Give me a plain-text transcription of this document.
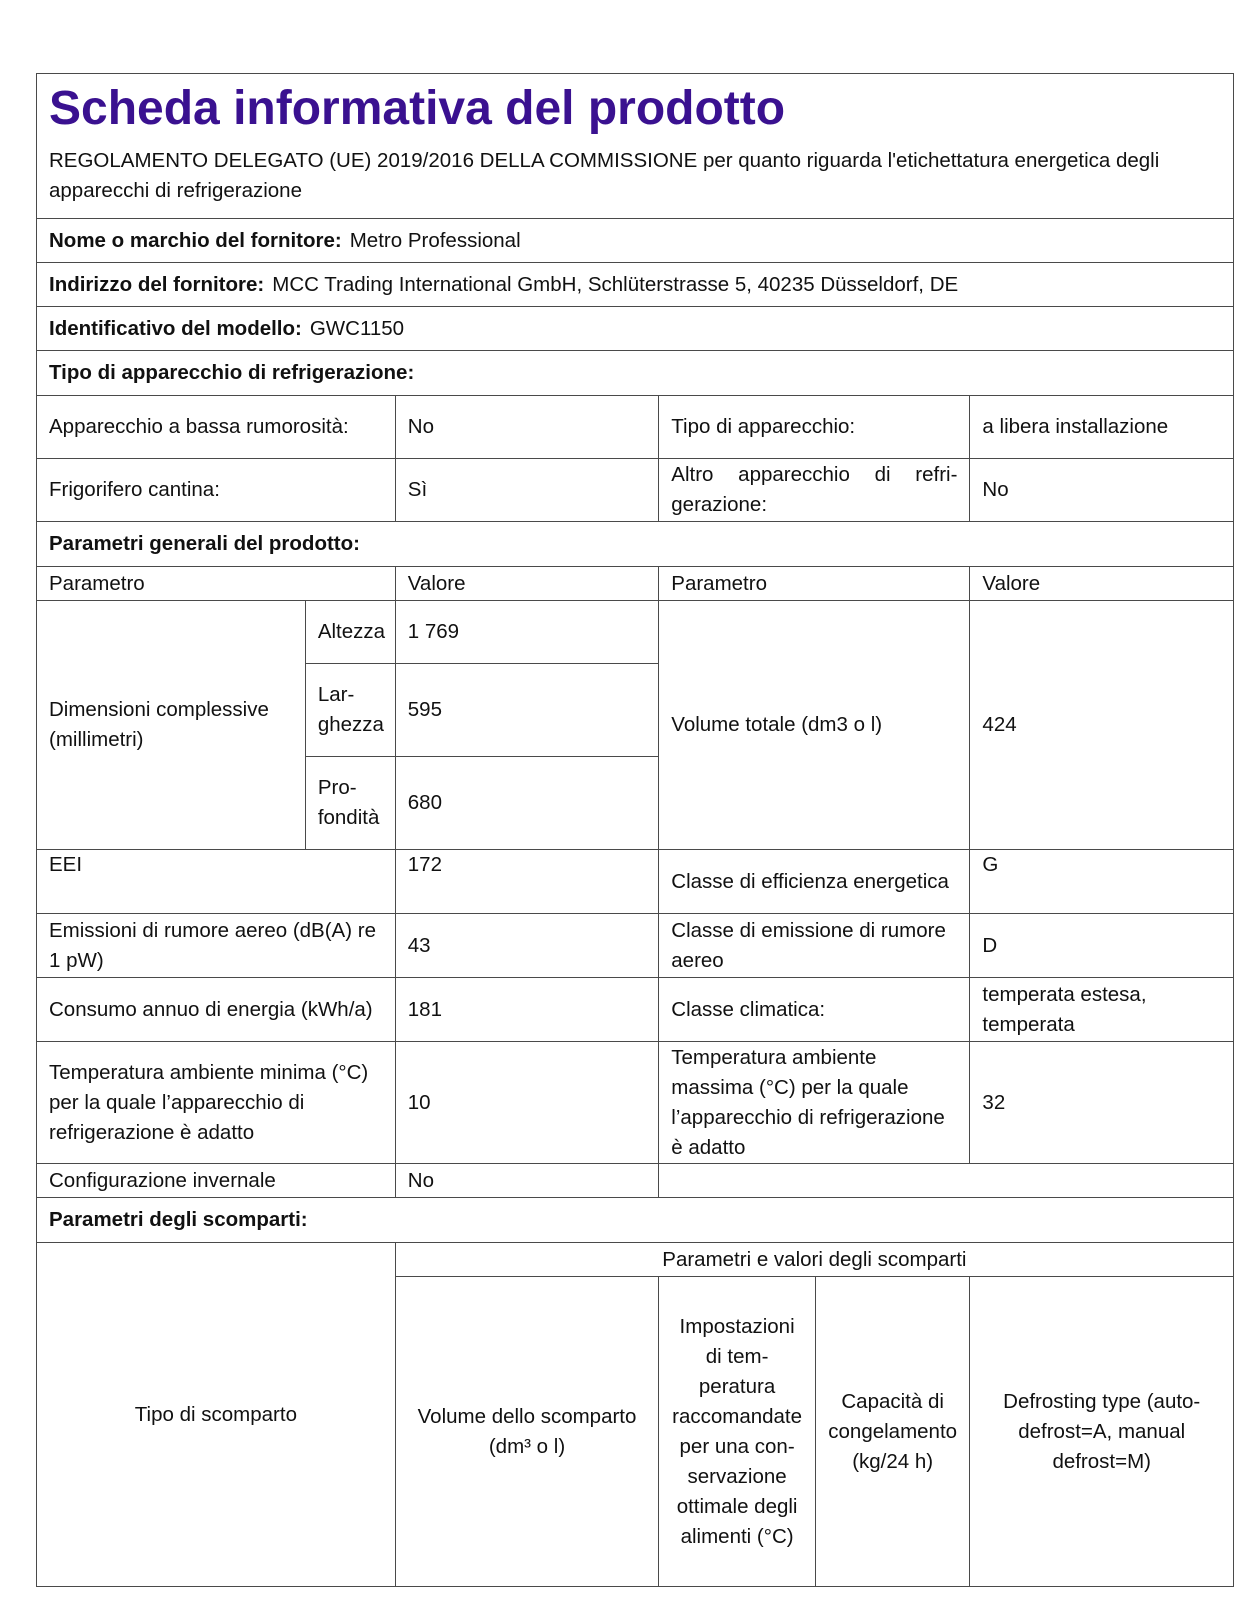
Scheda informativa del prodotto
REGOLAMENTO DELEGATO (UE) 2019/2016 DELLA COMMISSIONE per quanto riguarda l'etichettatura energetica degli apparecchi di refrigerazione					

Nome o marchio del fornitore: Metro Professional					
Indirizzo del fornitore: MCC Trading International GmbH, Schlüterstrasse 5, 40235 Düsseldorf, DE					
Identificativo del modello: GWC1150					
Tipo di apparecchio di refrigerazione:					
Apparecchio a bassa rumorosità:		No	Tipo di apparecchio:		a libera installazione
Frigorifero cantina:		Sì	Altro apparecchio di refrigerazione:		No
Parametri generali del prodotto:					
Parametro		Valore	Parametro		Valore
Dimensioni complessive (millimetri)	Altezza	1 769	Volume totale (dm3 o l)		424
	Larghezza	595			
	Profondità	680			
EEI		172	Classe di efficienza energetica		G
Emissioni di rumore aereo (dB(A) re 1 pW)		43	Classe di emissione di rumore aereo		D
Consumo annuo di energia (kWh/a)		181	Classe climatica:		temperata estesa, temperata
Temperatura ambiente minima (°C) per la quale l’apparecchio di refrigerazione è adatto		10	Temperatura ambiente massima (°C) per la quale l’apparecchio di refrigerazione è adatto		32
Configurazione invernale		No			
Parametri degli scomparti:					
Tipo di scomparto		Parametri e valori degli scomparti			
		Volume dello scomparto (dm³ o l)	Impostazioni di temperatura raccomandate per una conservazione ottimale degli alimenti (°C)	Capacità di congelamento (kg/24 h)	Defrosting type (auto-defrost=A, manual defrost=M)
